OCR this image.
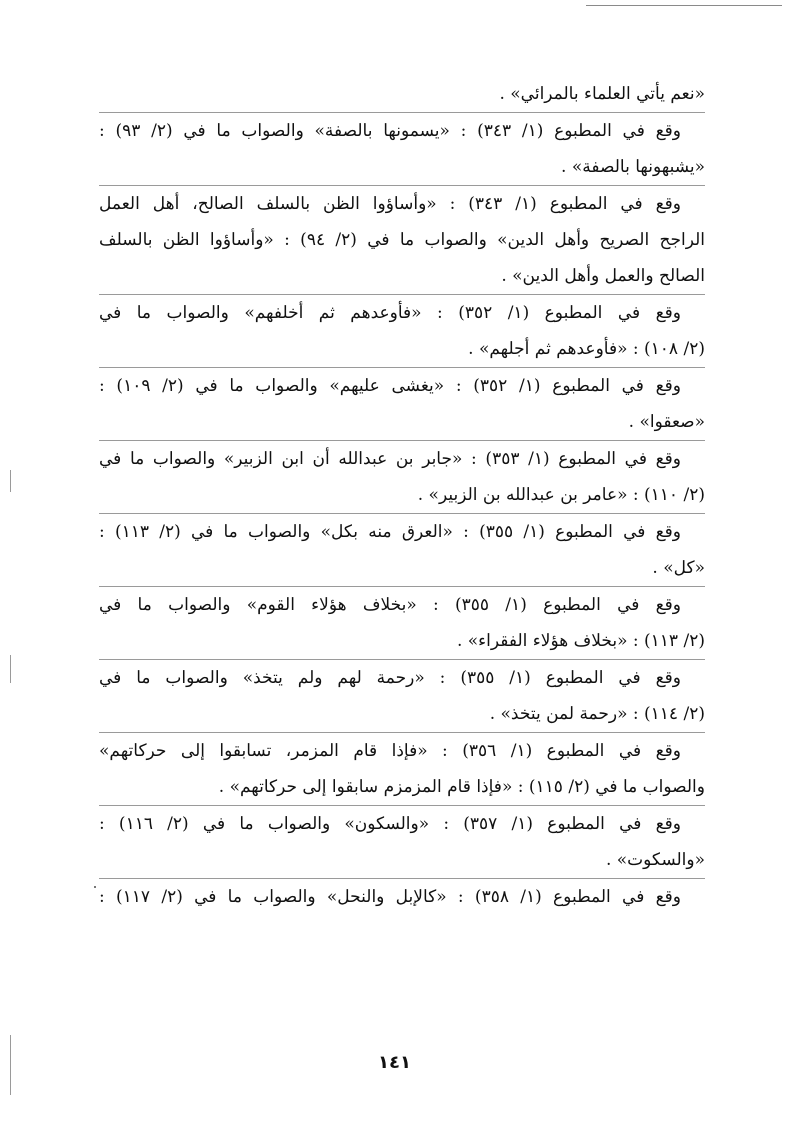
«نعم يأتي العلماء بالمرائي» .
وقع في المطبوع (١/ ٣٤٣) : «يسمونها بالصفة» والصواب ما في (٢/ ٩٣) :
«يشبهونها بالصفة» .
وقع في المطبوع (١/ ٣٤٣) : «وأساؤوا الظن بالسلف الصالح، أهل العمل
الراجح الصريح وأهل الدين» والصواب ما في (٢/ ٩٤) : «وأساؤوا الظن بالسلف
الصالح والعمل وأهل الدين» .
وقع في المطبوع (١/ ٣٥٢) : «فأوعدهم ثم أخلفهم» والصواب ما في
(٢/ ١٠٨) : «فأوعدهم ثم أجلهم» .
وقع في المطبوع (١/ ٣٥٢) : «يغشى عليهم» والصواب ما في (٢/ ١٠٩) :
«صعقوا» .
وقع في المطبوع (١/ ٣٥٣) : «جابر بن عبدالله أن ابن الزبير» والصواب ما في
(٢/ ١١٠) : «عامر بن عبدالله بن الزبير» .
وقع في المطبوع (١/ ٣٥٥) : «العرق منه بكل» والصواب ما في (٢/ ١١٣) :
«كل» .
وقع في المطبوع (١/ ٣٥٥) : «بخلاف هؤلاء القوم» والصواب ما في
(٢/ ١١٣) : «بخلاف هؤلاء الفقراء» .
وقع في المطبوع (١/ ٣٥٥) : «رحمة لهم ولم يتخذ» والصواب ما في
(٢/ ١١٤) : «رحمة لمن يتخذ» .
وقع في المطبوع (١/ ٣٥٦) : «فإذا قام المزمر، تسابقوا إلى حركاتهم»
والصواب ما في (٢/ ١١٥) : «فإذا قام المزمزم سابقوا إلى حركاتهم» .
وقع في المطبوع (١/ ٣٥٧) : «والسكون» والصواب ما في (٢/ ١١٦) :
«والسكوت» .
وقع في المطبوع (١/ ٣٥٨) : «كالإبل والنحل» والصواب ما في (٢/ ١١٧) :
١٤١
